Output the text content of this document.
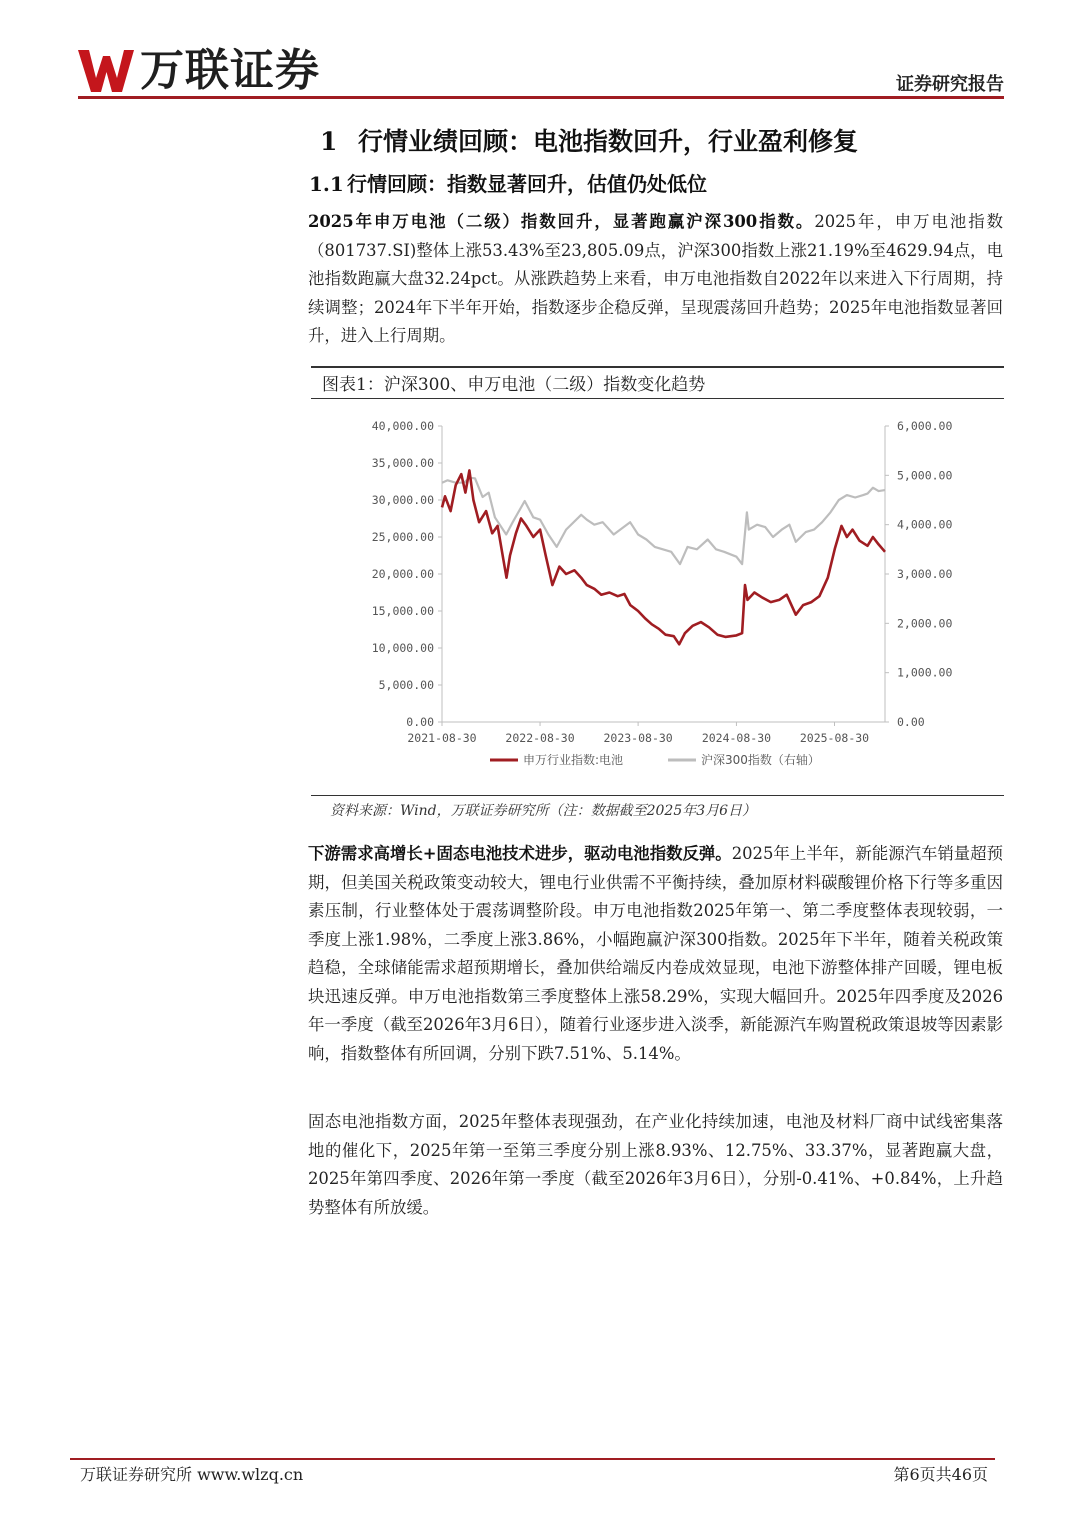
万联证券	证券研究报告
1 行情业绩回顾：电池指数回升，行业盈利修复
1.1 行情回顾：指数显著回升，估值仍处低位

2025年申万电池（二级）指数回升，显著跑赢沪深300指数。2025年，申万电池指数（801737.SI)整体上涨53.43%至23,805.09点，沪深300指数上涨21.19%至4629.94点，电池指数跑赢大盘32.24pct。从涨跌趋势上来看，申万电池指数自2022年以来进入下行周期，持续调整；2024年下半年开始，指数逐步企稳反弹，呈现震荡回升趋势；2025年电池指数显著回升，进入上行周期。

图表1：沪深300、申万电池（二级）指数变化趋势
0.00
5,000.00
10,000.00
15,000.00
20,000.00
25,000.00
30,000.00
35,000.00
40,000.00
0.00
1,000.00
2,000.00
3,000.00
4,000.00
5,000.00
6,000.00
2021-08-30	2022-08-30	2023-08-30	2024-08-30	2025-08-30
申万行业指数:电池	沪深300指数（右轴）
资料来源：Wind，万联证券研究所（注：数据截至2025年3月6日）

下游需求高增长+固态电池技术进步，驱动电池指数反弹。2025年上半年，新能源汽车销量超预期，但美国关税政策变动较大，锂电行业供需不平衡持续，叠加原材料碳酸锂价格下行等多重因素压制，行业整体处于震荡调整阶段。申万电池指数2025年第一、第二季度整体表现较弱，一季度上涨1.98%，二季度上涨3.86%，小幅跑赢沪深300指数。2025年下半年，随着关税政策趋稳，全球储能需求超预期增长，叠加供给端反内卷成效显现，电池下游整体排产回暖，锂电板块迅速反弹。申万电池指数第三季度整体上涨58.29%，实现大幅回升。2025年四季度及2026年一季度（截至2026年3月6日），随着行业逐步进入淡季，新能源汽车购置税政策退坡等因素影响，指数整体有所回调，分别下跌7.51%、5.14%。

固态电池指数方面，2025年整体表现强劲，在产业化持续加速，电池及材料厂商中试线密集落地的催化下，2025年第一至第三季度分别上涨8.93%、12.75%、33.37%，显著跑赢大盘，2025年第四季度、2026年第一季度（截至2026年3月6日），分别-0.41%、+0.84%，上升趋势整体有所放缓。

万联证券研究所 www.wlzq.cn	第6页共46页
